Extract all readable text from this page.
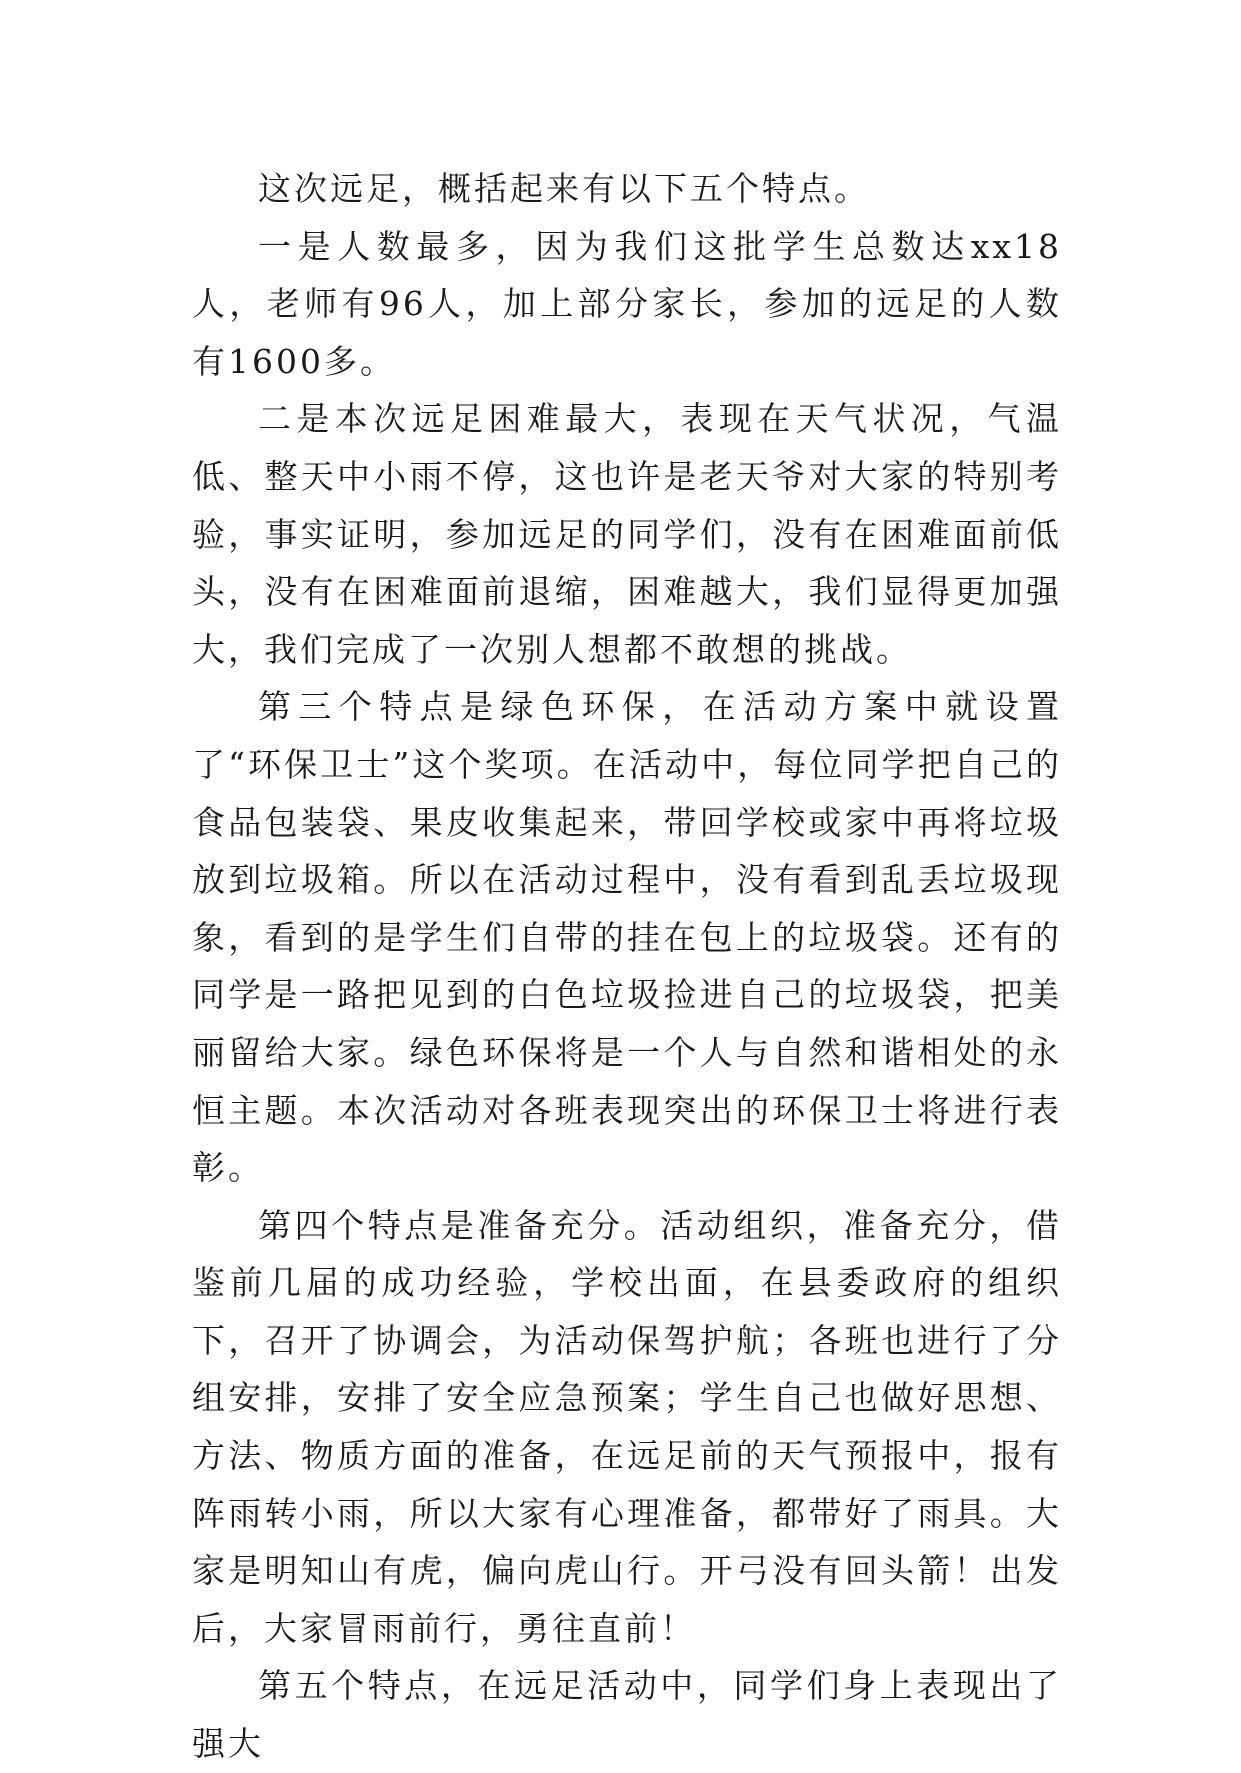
这次远足，概括起来有以下五个特点。

一是人数最多，因为我们这批学生总数达xx18人，老师有96人，加上部分家长，参加的远足的人数有1600多。

二是本次远足困难最大，表现在天气状况，气温低、整天中小雨不停，这也许是老天爷对大家的特别考验，事实证明，参加远足的同学们，没有在困难面前低头，没有在困难面前退缩，困难越大，我们显得更加强大，我们完成了一次别人想都不敢想的挑战。

第三个特点是绿色环保，在活动方案中就设置了“环保卫士”这个奖项。在活动中，每位同学把自己的食品包装袋、果皮收集起来，带回学校或家中再将垃圾放到垃圾箱。所以在活动过程中，没有看到乱丢垃圾现象，看到的是学生们自带的挂在包上的垃圾袋。还有的同学是一路把见到的白色垃圾捡进自己的垃圾袋，把美丽留给大家。绿色环保将是一个人与自然和谐相处的永恒主题。本次活动对各班表现突出的环保卫士将进行表彰。

第四个特点是准备充分。活动组织，准备充分，借鉴前几届的成功经验，学校出面，在县委政府的组织下，召开了协调会，为活动保驾护航；各班也进行了分组安排，安排了安全应急预案；学生自己也做好思想、方法、物质方面的准备，在远足前的天气预报中，报有阵雨转小雨，所以大家有心理准备，都带好了雨具。大家是明知山有虎，偏向虎山行。开弓没有回头箭！出发后，大家冒雨前行，勇往直前！

第五个特点，在远足活动中，同学们身上表现出了强大
